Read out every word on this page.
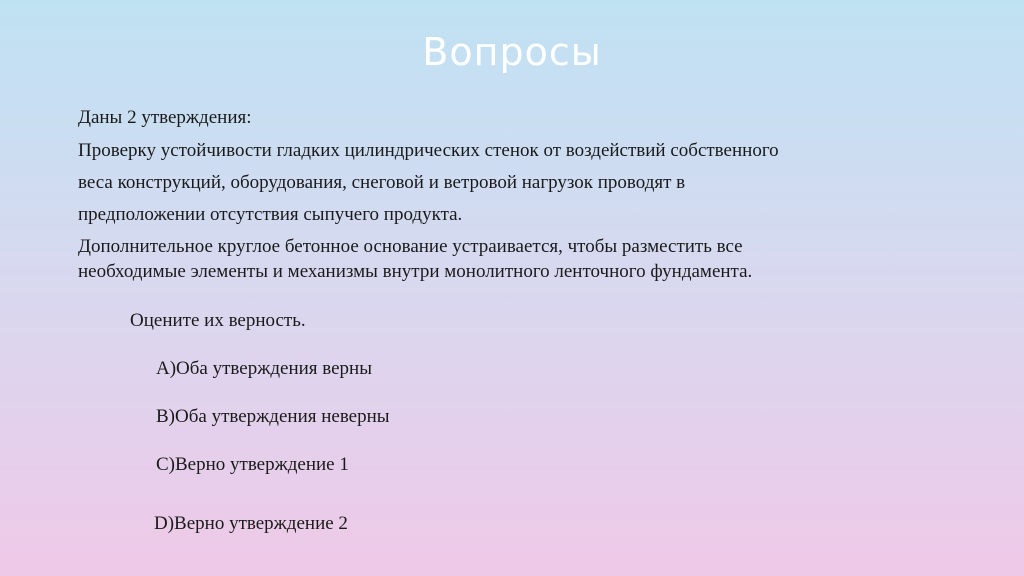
Вопросы
Даны 2 утверждения:
Проверку устойчивости гладких цилиндрических стенок от воздействий собственного
веса конструкций, оборудования, снеговой и ветровой нагрузок проводят в
предположении отсутствия сыпучего продукта.
Дополнительное круглое бетонное основание устраивается, чтобы разместить все
необходимые элементы и механизмы внутри монолитного ленточного фундамента.
Оцените их верность.
А)Оба утверждения верны
B)Оба утверждения неверны
C)Верно утверждение 1
D)Верно утверждение 2
